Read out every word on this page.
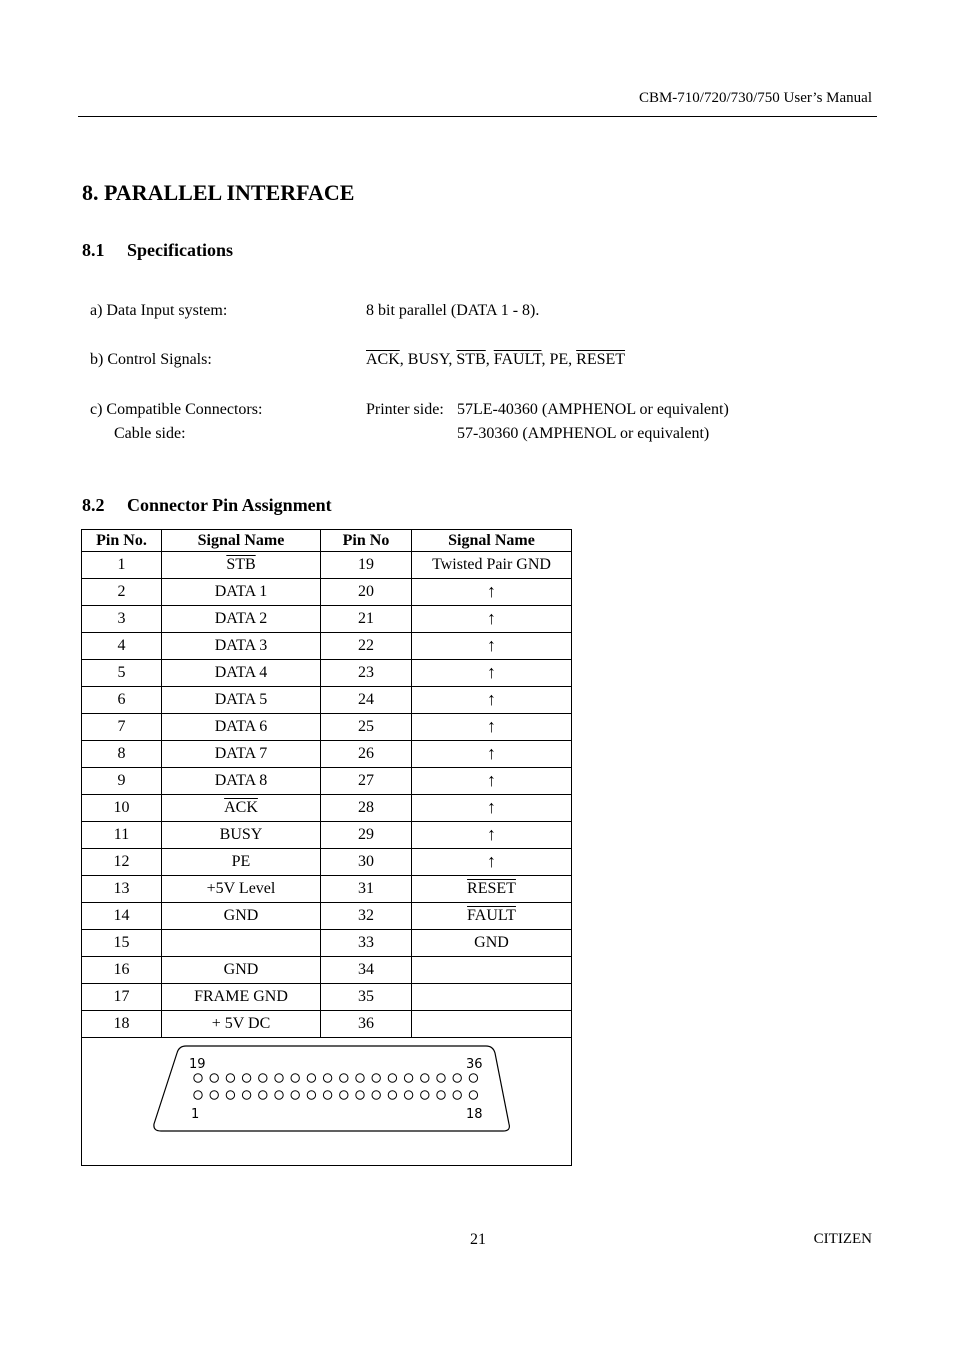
CBM-710/720/730/750 User’s Manual
8. PARALLEL INTERFACE
8.1 Specifications
a) Data Input system:	8 bit parallel (DATA 1 - 8).
b) Control Signals:	$\overline{ACK}$, BUSY, $\overline{STB}$, FAULT, PE, RESET
c) Compatible Connectors:	Printer side: 57LE-40360 (AMPHENOL or equivalent)
Cable side:	57-30360 (AMPHENOL or equivalent)
8.2 Connector Pin Assignment
Pin No.	Signal Name	Pin No	Signal Name
1	$\overline{STB}$	19	Twisted Pair GND
2	DATA 1	20	↑
3	DATA 2	21	↑
4	DATA 3	22	↑
5	DATA 4	23	↑
6	DATA 5	24	↑
7	DATA 6	25	↑
8	DATA 7	26	↑
9	DATA 8	27	↑
10	$\overline{ACK}$	28	↑
11	BUSY	29	↑
12	PE	30	↑
13	+5V Level	31	RESET
14	GND	32	FAULT
15		33	GND
16	GND	34	
17	FRAME GND	35	
18	+ 5V DC	36	

19 36
1 18			
21	CITIZEN
